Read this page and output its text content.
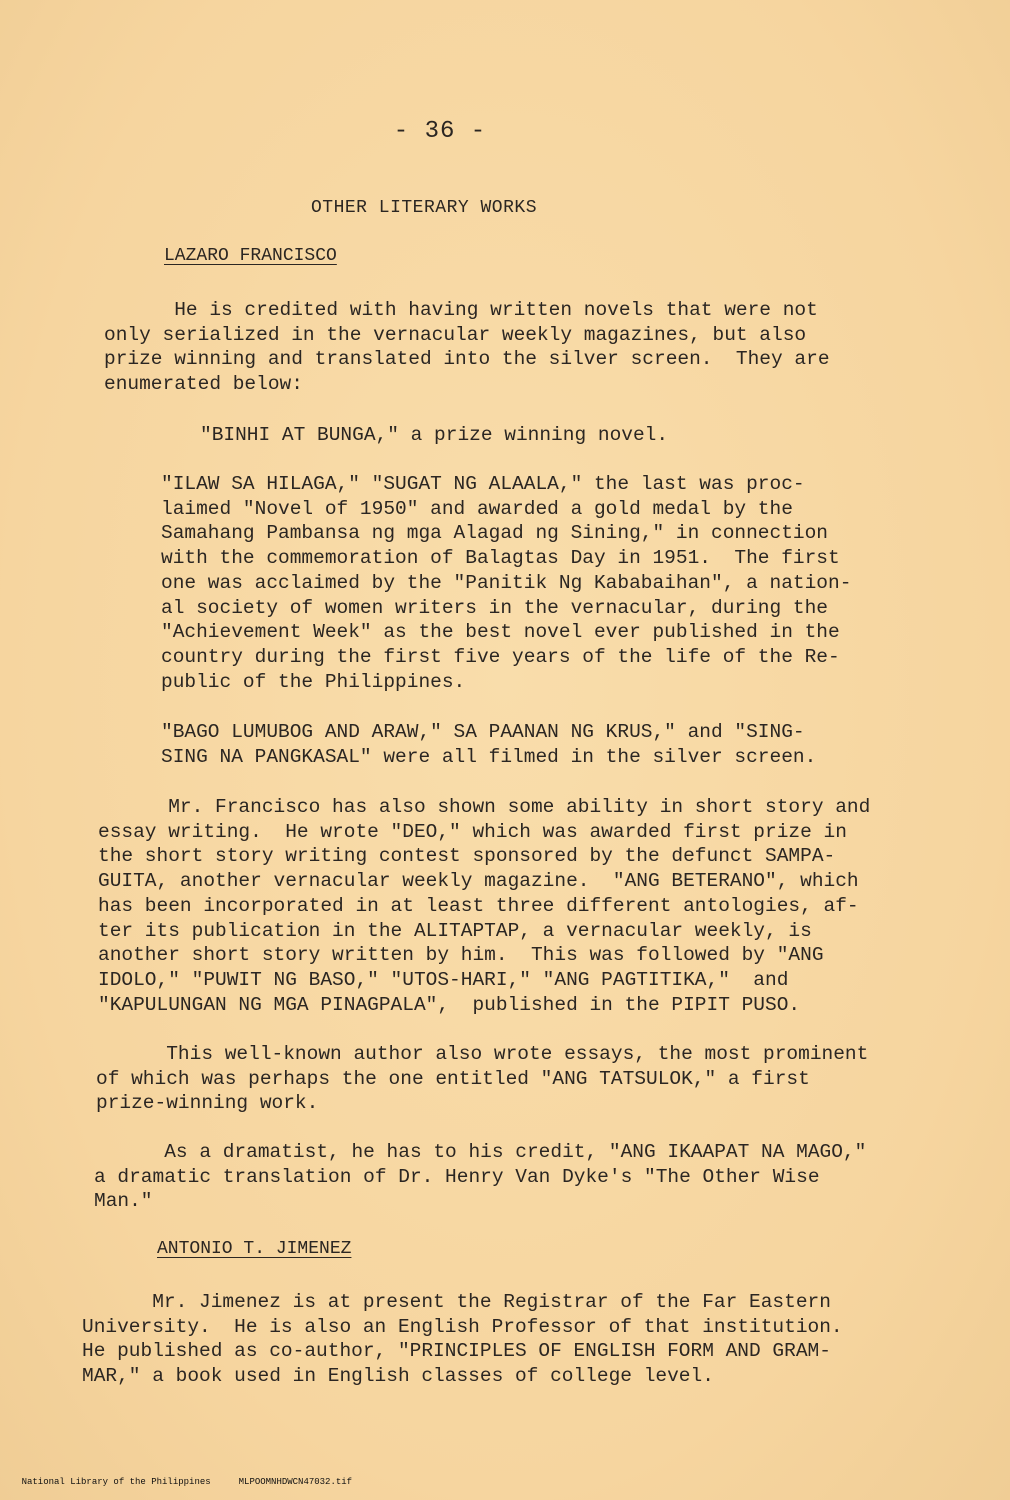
- 36 -
OTHER LITERARY WORKS
LAZARO FRANCISCO

He is credited with having written novels that were not
only serialized in the vernacular weekly magazines, but also
prize winning and translated into the silver screen.  They are
enumerated below:

"BINHI AT BUNGA," a prize winning novel.

"ILAW SA HILAGA," "SUGAT NG ALAALA," the last was proc-
laimed "Novel of 1950" and awarded a gold medal by the
Samahang Pambansa ng mga Alagad ng Sining," in connection
with the commemoration of Balagtas Day in 1951.  The first
one was acclaimed by the "Panitik Ng Kababaihan", a nation-
al society of women writers in the vernacular, during the
"Achievement Week" as the best novel ever published in the
country during the first five years of the life of the Re-
public of the Philippines.

"BAGO LUMUBOG AND ARAW," SA PAANAN NG KRUS," and "SING-
SING NA PANGKASAL" were all filmed in the silver screen.

Mr. Francisco has also shown some ability in short story and
essay writing.  He wrote "DEO," which was awarded first prize in
the short story writing contest sponsored by the defunct SAMPA-
GUITA, another vernacular weekly magazine.  "ANG BETERANO", which
has been incorporated in at least three different antologies, af-
ter its publication in the ALITAPTAP, a vernacular weekly, is
another short story written by him.  This was followed by "ANG
IDOLO," "PUWIT NG BASO," "UTOS-HARI," "ANG PAGTITIKA,"  and
"KAPULUNGAN NG MGA PINAGPALA",  published in the PIPIT PUSO.

This well-known author also wrote essays, the most prominent
of which was perhaps the one entitled "ANG TATSULOK," a first
prize-winning work.

As a dramatist, he has to his credit, "ANG IKAAPAT NA MAGO,"
a dramatic translation of Dr. Henry Van Dyke's "The Other Wise
Man."

ANTONIO T. JIMENEZ

Mr. Jimenez is at present the Registrar of the Far Eastern
University.  He is also an English Professor of that institution.
He published as co-author, "PRINCIPLES OF ENGLISH FORM AND GRAM-
MAR," a book used in English classes of college level.

National Library of the Philippines	MLPOOMNHDWCN47032.tif
